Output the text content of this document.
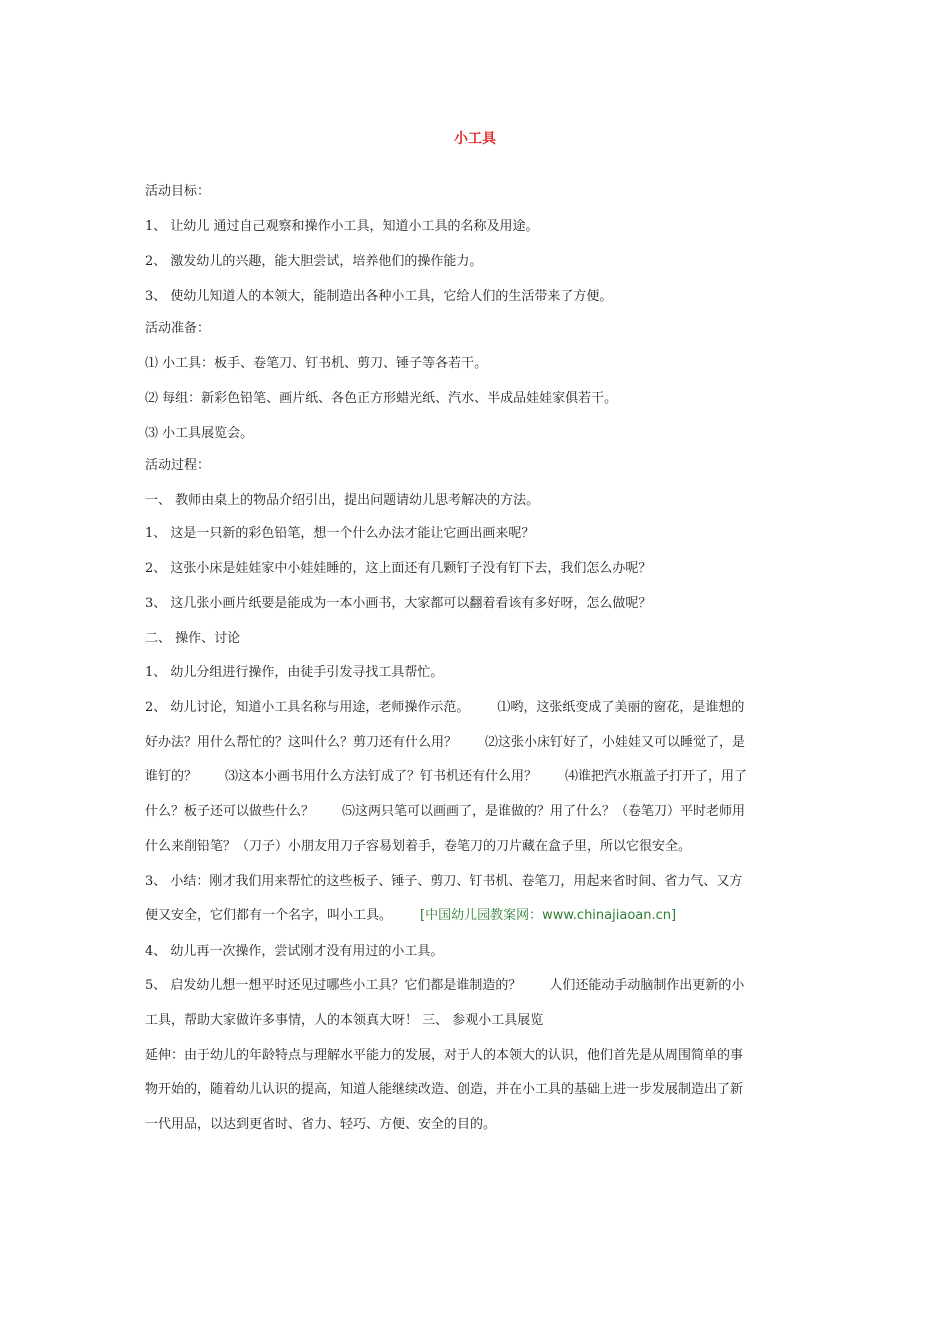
小工具
活动目标：
1、 让幼儿 通过自己观察和操作小工具，知道小工具的名称及用途。
2、 激发幼儿的兴趣，能大胆尝试，培养他们的操作能力。
3、 使幼儿知道人的本领大，能制造出各种小工具，它给人们的生活带来了方便。
活动准备：
⑴ 小工具：板手、卷笔刀、钉书机、剪刀、锤子等各若干。
⑵ 每组：新彩色铅笔、画片纸、各色正方形蜡光纸、汽水、半成品娃娃家俱若干。
⑶ 小工具展览会。
活动过程：
一、 教师由桌上的物品介绍引出，提出问题请幼儿思考解决的方法。
1、 这是一只新的彩色铅笔，想一个什么办法才能让它画出画来呢？
2、 这张小床是娃娃家中小娃娃睡的，这上面还有几颗钉子没有钉下去，我们怎么办呢？
3、 这几张小画片纸要是能成为一本小画书，大家都可以翻着看该有多好呀，怎么做呢？
二、 操作、讨论
1、 幼儿分组进行操作，由徒手引发寻找工具帮忙。
2、 幼儿讨论，知道小工具名称与用途，老师操作示范。 ⑴哟，这张纸变成了美丽的窗花，是谁想的
好办法？用什么帮忙的？这叫什么？剪刀还有什么用？ ⑵这张小床钉好了，小娃娃又可以睡觉了，是
谁钉的？ ⑶这本小画书用什么方法钉成了？钉书机还有什么用？ ⑷谁把汽水瓶盖子打开了，用了
什么？板子还可以做些什么？ ⑸这两只笔可以画画了，是谁做的？用了什么？（卷笔刀）平时老师用
什么来削铅笔？（刀子）小朋友用刀子容易划着手，卷笔刀的刀片藏在盒子里，所以它很安全。
3、 小结：刚才我们用来帮忙的这些板子、锤子、剪刀、钉书机、卷笔刀，用起来省时间、省力气、又方
便又安全，它们都有一个名字，叫小工具。 [中国幼儿园教案网：www.chinajiaoan.cn]
4、 幼儿再一次操作，尝试刚才没有用过的小工具。
5、 启发幼儿想一想平时还见过哪些小工具？它们都是谁制造的？ 人们还能动手动脑制作出更新的小
工具，帮助大家做许多事情，人的本领真大呀！ 三、 参观小工具展览
延伸：由于幼儿的年龄特点与理解水平能力的发展，对于人的本领大的认识，他们首先是从周围简单的事
物开始的，随着幼儿认识的提高，知道人能继续改造、创造，并在小工具的基础上进一步发展制造出了新
一代用品，以达到更省时、省力、轻巧、方便、安全的目的。
